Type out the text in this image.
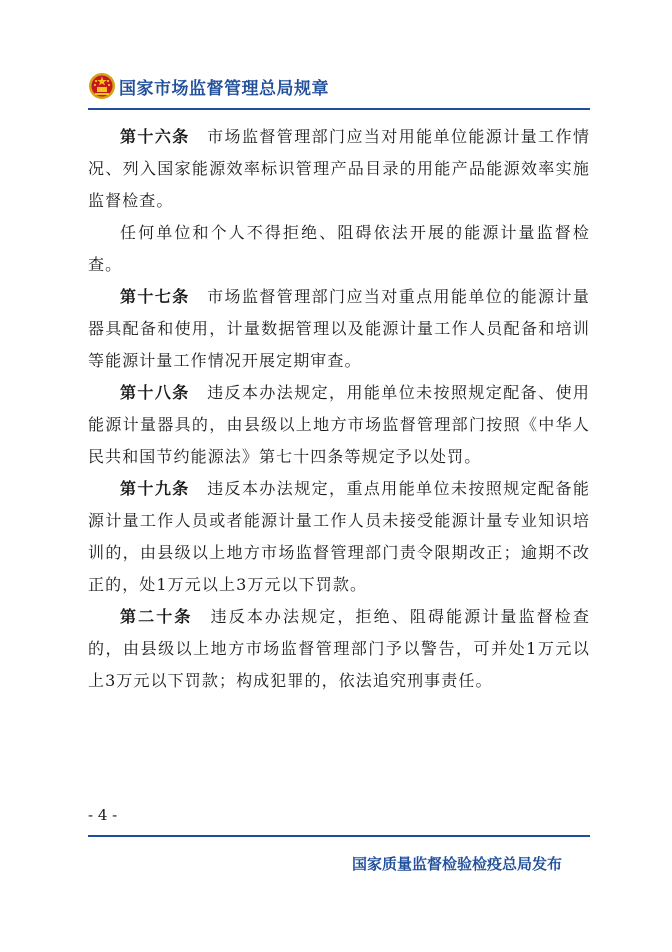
国家市场监督管理总局规章

第十六条　市场监督管理部门应当对用能单位能源计量工作情况、列入国家能源效率标识管理产品目录的用能产品能源效率实施监督检查。

任何单位和个人不得拒绝、阻碍依法开展的能源计量监督检查。

第十七条　市场监督管理部门应当对重点用能单位的能源计量器具配备和使用，计量数据管理以及能源计量工作人员配备和培训等能源计量工作情况开展定期审查。

第十八条　违反本办法规定，用能单位未按照规定配备、使用能源计量器具的，由县级以上地方市场监督管理部门按照《中华人民共和国节约能源法》第七十四条等规定予以处罚。

第十九条　违反本办法规定，重点用能单位未按照规定配备能源计量工作人员或者能源计量工作人员未接受能源计量专业知识培训的，由县级以上地方市场监督管理部门责令限期改正；逾期不改正的，处1万元以上3万元以下罚款。

第二十条　违反本办法规定，拒绝、阻碍能源计量监督检查的，由县级以上地方市场监督管理部门予以警告，可并处1万元以上3万元以下罚款；构成犯罪的，依法追究刑事责任。

- 4 -
国家质量监督检验检疫总局发布
